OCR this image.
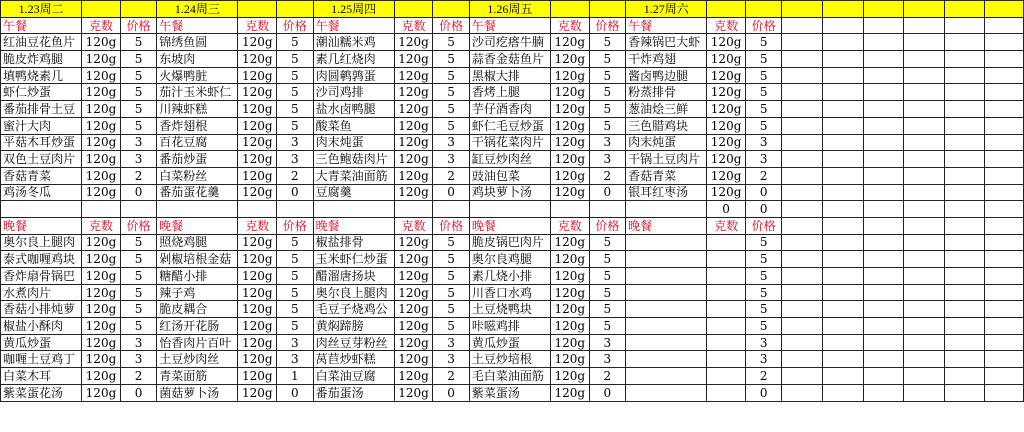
1.23周二			1.24周三			1.25周四			1.26周五			1.27周六								
午餐	克数	价格	午餐	克数	价格	午餐	克数	价格	午餐	克数	价格	午餐	克数	价格						
红油豆花鱼片	120g	5	锦绣鱼圆	120g	5	潮汕糯米鸡	120g	5	沙司疙瘩牛腩	120g	5	香辣锅巴大虾	120g	5						
脆皮炸鸡腿	120g	5	东坡肉	120g	5	素几红烧肉	120g	5	蒜香金菇鱼片	120g	5	干炸鸡翅	120g	5						
填鸭烧素几	120g	5	火爆鸭脏	120g	5	肉圆鹌鹑蛋	120g	5	黑椒大排	120g	5	酱卤鸭边腿	120g	5						
虾仁炒蛋	120g	5	茄汁玉米虾仁	120g	5	沙司鸡排	120g	5	香烤上腿	120g	5	粉蒸排骨	120g	5						
番茄排骨土豆	120g	5	川辣虾糕	120g	5	盐水卤鸭腿	120g	5	芋仔酒香肉	120g	5	葱油烩三鲜	120g	5						
蜜汁大肉	120g	5	香炸翅根	120g	5	酸菜鱼	120g	5	虾仁毛豆炒蛋	120g	5	三色腊鸡块	120g	5						
平菇木耳炒蛋	120g	3	百花豆腐	120g	3	肉末炖蛋	120g	3	干锅花菜肉片	120g	3	肉末炖蛋	120g	3						
双色土豆肉片	120g	3	番茄炒蛋	120g	3	三色鲍菇肉片	120g	3	缸豆炒肉丝	120g	3	干锅土豆肉片	120g	3						
香菇青菜	120g	2	白菜粉丝	120g	2	大青菜油面筋	120g	2	豉油包菜	120g	2	香菇青菜	120g	2						
鸡汤冬瓜	120g	0	番茄蛋花羹	120g	0	豆腐羹	120g	0	鸡块萝卜汤	120g	0	银耳红枣汤	120g	0						
													0	0						
晚餐	克数	价格	晚餐	克数	价格	晚餐	克数	价格	晚餐	克数	价格	晚餐	克数	价格						
奥尔良上腿肉	120g	5	照烧鸡腿	120g	5	椒盐排骨	120g	5	脆皮锅巴肉片	120g	5			5						
泰式咖喱鸡块	120g	5	剁椒培根金菇	120g	5	玉米虾仁炒蛋	120g	5	奥尔良鸡腿	120g	5			5						
香炸扇骨锅巴	120g	5	糖醋小排	120g	5	醋溜唐扬块	120g	5	素几烧小排	120g	5			5						
水煮肉片	120g	5	辣子鸡	120g	5	奥尔良上腿肉	120g	5	川香口水鸡	120g	5			5						
香菇小排炖萝	120g	5	脆皮耦合	120g	5	毛豆子烧鸡公	120g	5	土豆烧鸭块	120g	5			5						
椒盐小酥肉	120g	5	红汤开花肠	120g	5	黄焖蹄膀	120g	5	咔嗞鸡排	120g	5			5						
黄瓜炒蛋	120g	3	怡香肉片百叶	120g	3	肉丝豆芽粉丝	120g	3	黄瓜炒蛋	120g	3			3						
咖喱土豆鸡丁	120g	3	土豆炒肉丝	120g	3	莴苣炒虾糕	120g	3	土豆炒培根	120g	3			3						
白菜木耳	120g	2	青菜面筋	120g	1	白菜油豆腐	120g	2	毛白菜油面筋	120g	2			2						
紫菜蛋花汤	120g	0	菌菇萝卜汤	120g	0	番茄蛋汤	120g	0	紫菜蛋汤	120g	0			0						
